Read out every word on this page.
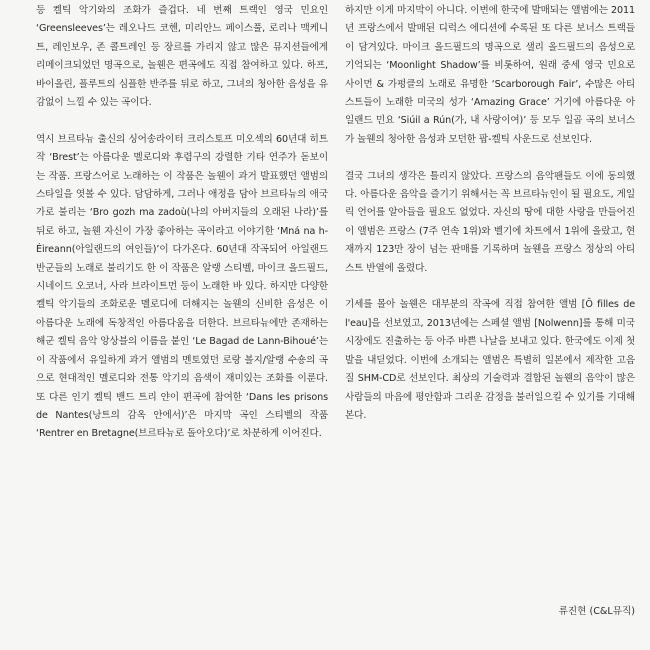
등 켈틱 악기와의 조화가 즐겁다. 네 번째 트랙인 영국 민요인 ‘Greensleeves’는 레오나드 코헨, 미리안느 페이스풀, 로리나 맥케니트, 레인보우, 존 콜트레인 등 장르를 가리지 않고 많은 뮤지션들에게 리메이크되었던 명곡으로, 놀웬은 편곡에도 직접 참여하고 있다. 하프, 바이올린, 플루트의 심플한 반주를 뒤로 하고, 그녀의 청아한 음성을 유감없이 느낄 수 있는 곡이다.

역시 브르타뉴 출신의 싱어송라이터 크리스토프 미오섹의 60년대 히트작 ‘Brest’는 아름다운 멜로디와 후렴구의 강렬한 기타 연주가 돋보이는 작품. 프랑스어로 노래하는 이 작품은 놀웬이 과거 발표했던 앨범의 스타일을 엿볼 수 있다. 담담하게, 그러나 애정을 담아 브르타뉴의 애국가로 불리는 ‘Bro gozh ma zadoù(나의 아버지들의 오래된 나라)’를 뒤로 하고, 놀웬 자신이 가장 좋아하는 곡이라고 이야기한 ‘Mná na h-Éireann(아일랜드의 여인들)’이 다가온다. 60년대 작곡되어 아일랜드 반군들의 노래로 불리기도 한 이 작품은 알랭 스티벨, 마이크 올드필드, 시네이드 오코너, 사라 브라이트먼 등이 노래한 바 있다. 하지만 다양한 켈틱 악기들의 조화로운 멜로디에 더해지는 놀웬의 신비한 음성은 이 아름다운 노래에 독창적인 아름다움을 더한다. 브르타뉴에만 존재하는 해군 켈틱 음악 앙상블의 이름을 붙인 ‘Le Bagad de Lann-Bihoué’는 이 작품에서 유일하게 과거 앨범의 멘토였던 로랑 볼지/알랭 수숑의 곡으로 현대적인 멜로디와 전통 악기의 음색이 재미있는 조화를 이룬다. 또 다른 인기 켈틱 밴드 트리 얀이 편곡에 참여한 ‘Dans les prisons de Nantes(낭트의 감옥 안에서)’은 마지막 곡인 스티벨의 작품 ‘Rentrer en Bretagne(브르타뉴로 돌아오다)’로 차분하게 이어진다.

하지만 이게 마지막이 아니다. 이번에 한국에 발매되는 앨범에는 2011년 프랑스에서 발매된 디럭스 에디션에 수록된 또 다른 보너스 트랙들이 담겨있다. 마이크 올드필드의 명곡으로 샐리 올드필드의 음성으로 기억되는 ‘Moonlight Shadow’를 비롯하여, 원래 중세 영국 민요로 사이먼 & 가펑클의 노래로 유명한 ‘Scarborough Fair’, 수많은 아티스트들이 노래한 미국의 성가 ‘Amazing Grace’ 거기에 아름다운 아일랜드 민요 ‘Siúil a Rún(가, 내 사랑이여)’ 등 모두 일곱 곡의 보너스가 놀웬의 청아한 음성과 모던한 팝-켈틱 사운드로 선보인다.

결국 그녀의 생각은 틀리지 않았다. 프랑스의 음악팬들도 이에 동의했다. 아름다운 음악을 즐기기 위해서는 꼭 브르타뉴인이 될 필요도, 게일릭 언어를 알아들을 필요도 없었다. 자신의 땅에 대한 사랑을 만들어진 이 앨범은 프랑스 (7주 연속 1위)와 벨기에 차트에서 1위에 올랐고, 현재까지 123만 장이 넘는 판매를 기록하며 놀웬을 프랑스 정상의 아티스트 반열에 올렸다.

기세를 몰아 놀웬은 대부분의 작곡에 직접 참여한 앨범 [Ô filles de l'eau]을 선보였고, 2013년에는 스페셜 앨범 [Nolwenn]를 통해 미국 시장에도 진출하는 등 아주 바쁜 나날을 보내고 있다. 한국에도 이제 첫발을 내딛었다. 이번에 소개되는 앨범은 특별히 일본에서 제작한 고음질 SHM-CD로 선보인다. 최상의 기술력과 결합된 놀웬의 음악이 많은 사람들의 마음에 평안함과 그리운 감정을 불러일으킬 수 있기를 기대해 본다.

류진현 (C&L뮤직)
